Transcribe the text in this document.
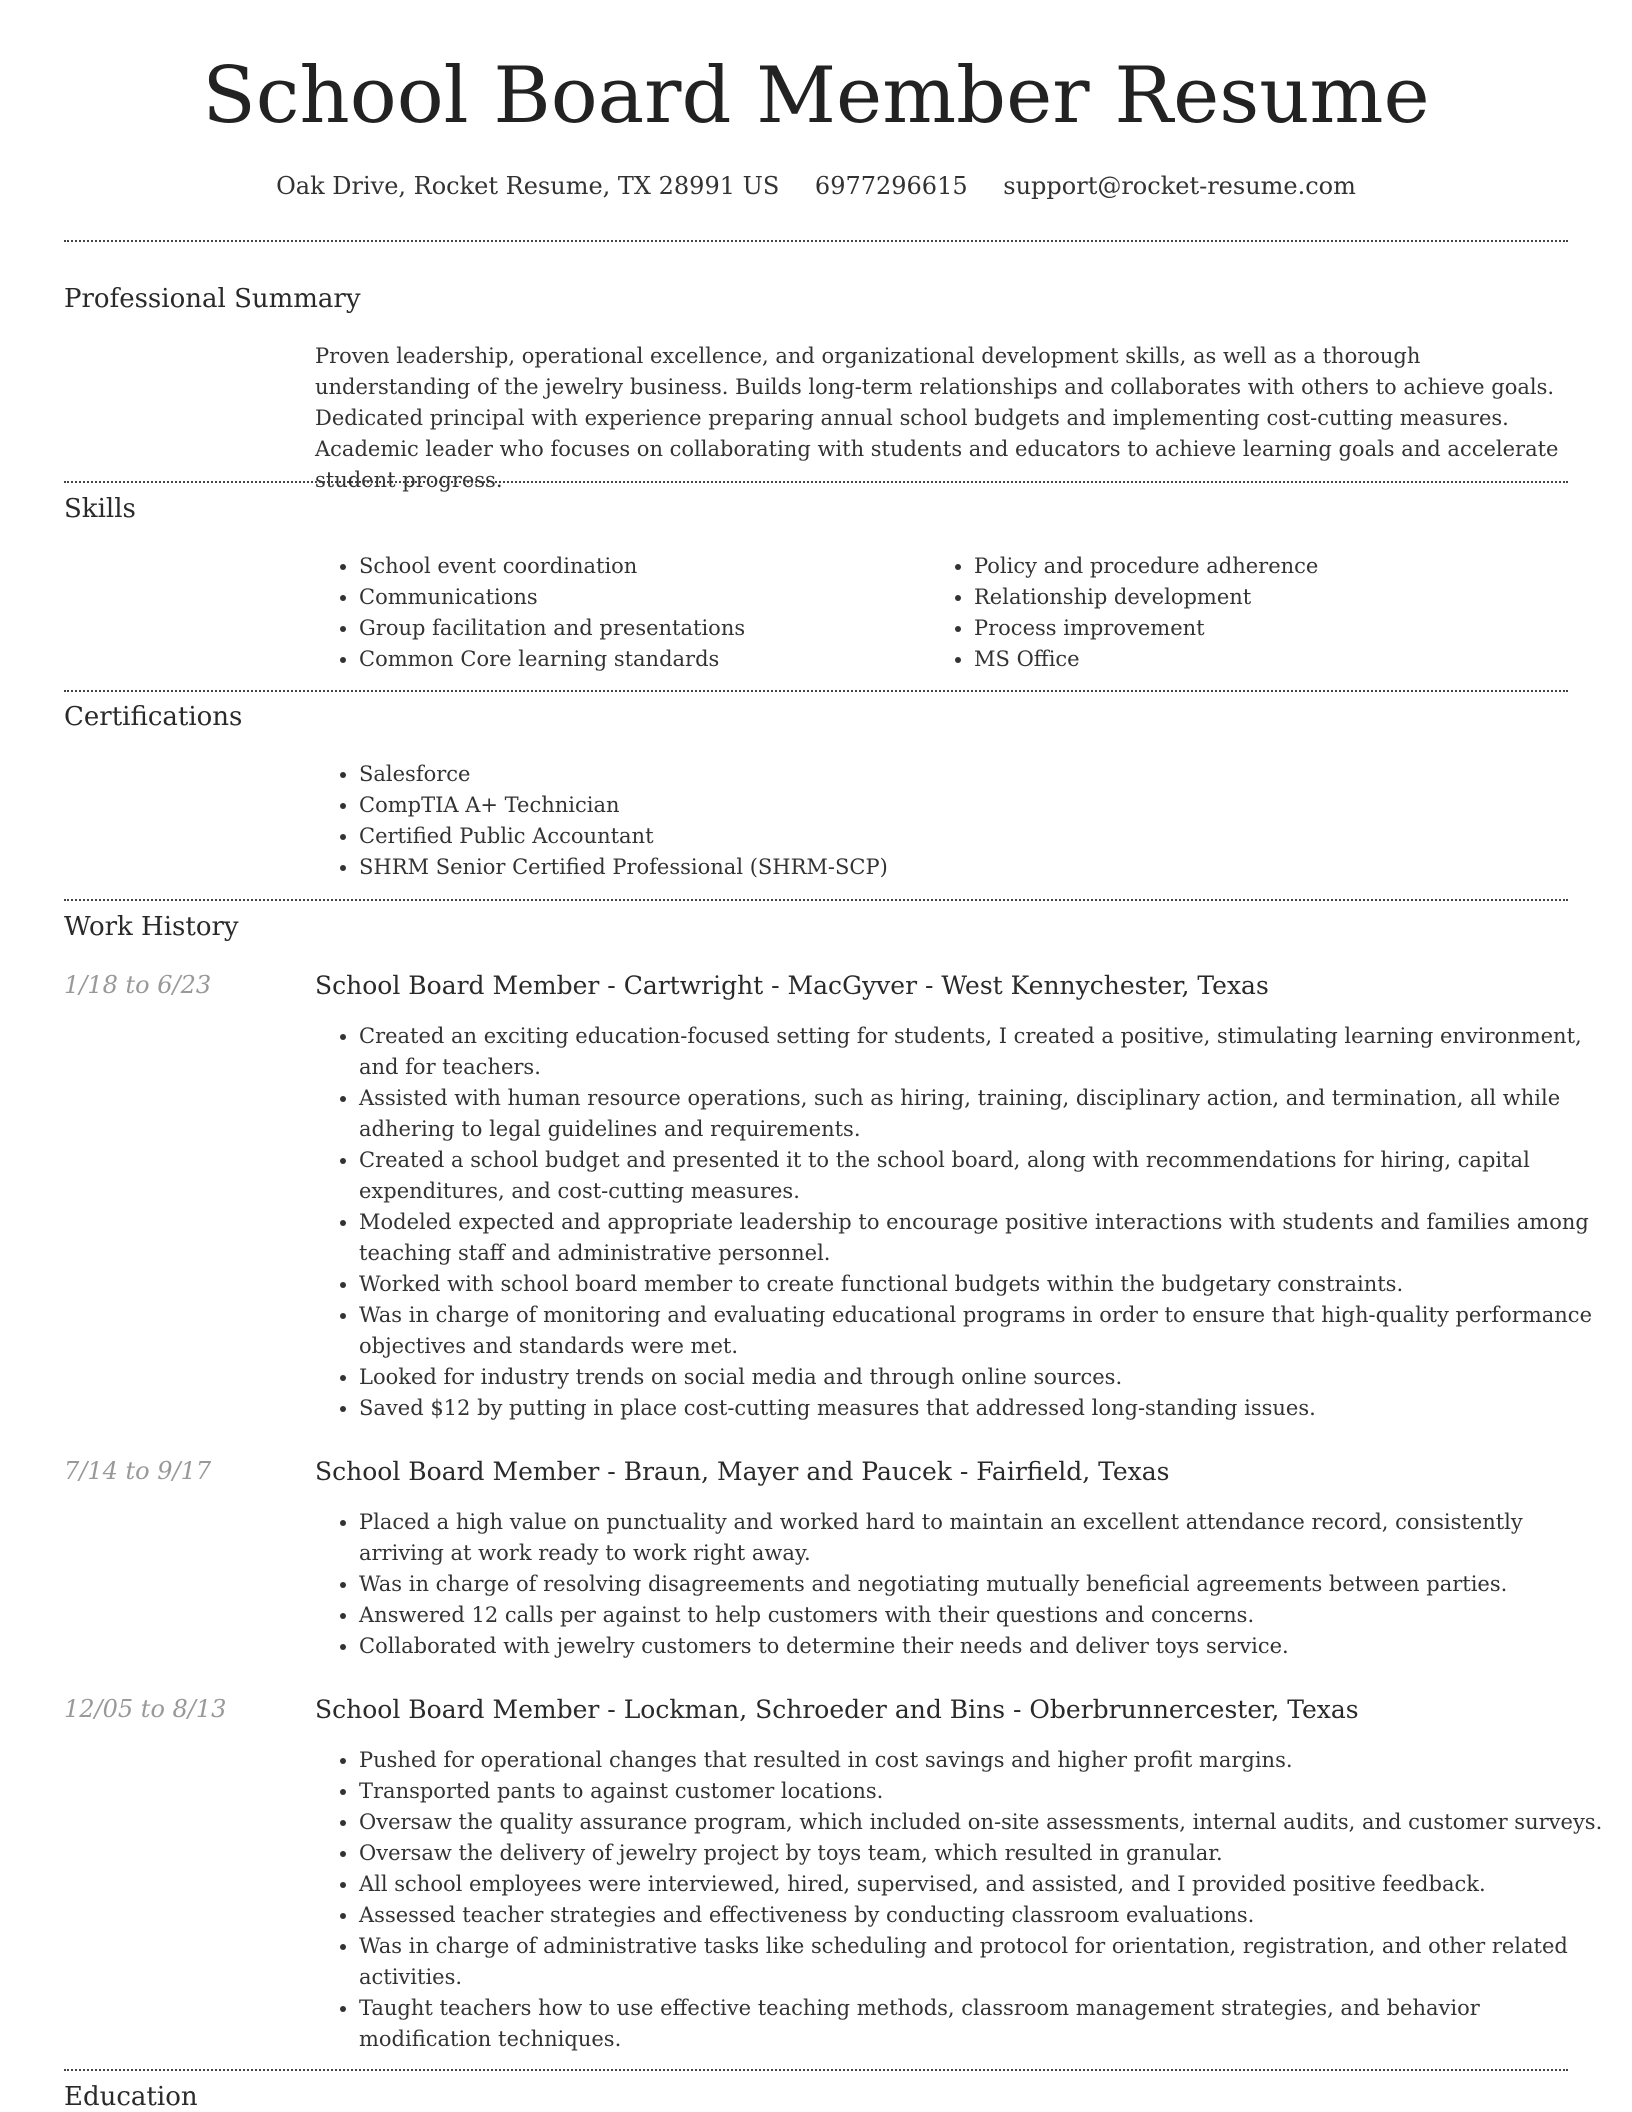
School Board Member Resume
Oak Drive, Rocket Resume, TX 28991 US 6977296615 support@rocket-resume.com
Professional Summary

Proven leadership, operational excellence, and organizational development skills, as well as a thorough understanding of the jewelry business. Builds long-term relationships and collaborates with others to achieve goals. Dedicated principal with experience preparing annual school budgets and implementing cost-cutting measures. Academic leader who focuses on collaborating with students and educators to achieve learning goals and accelerate student progress.

Skills
• School event coordination
• Communications
• Group facilitation and presentations
• Common Core learning standards
• Policy and procedure adherence
• Relationship development
• Process improvement
• MS Office
Certifications
• Salesforce
• CompTIA A+ Technician
• Certified Public Accountant
• SHRM Senior Certified Professional (SHRM-SCP)
Work History
1/18 to 6/23	School Board Member - Cartwright - MacGyver - West Kennychester, Texas
• Created an exciting education-focused setting for students, I created a positive, stimulating learning environment, and for teachers.
• Assisted with human resource operations, such as hiring, training, disciplinary action, and termination, all while adhering to legal guidelines and requirements.
• Created a school budget and presented it to the school board, along with recommendations for hiring, capital expenditures, and cost-cutting measures.
• Modeled expected and appropriate leadership to encourage positive interactions with students and families among teaching staff and administrative personnel.
• Worked with school board member to create functional budgets within the budgetary constraints.
• Was in charge of monitoring and evaluating educational programs in order to ensure that high-quality performance objectives and standards were met.
• Looked for industry trends on social media and through online sources.
• Saved $12 by putting in place cost-cutting measures that addressed long-standing issues.
7/14 to 9/17	School Board Member - Braun, Mayer and Paucek - Fairfield, Texas
• Placed a high value on punctuality and worked hard to maintain an excellent attendance record, consistently arriving at work ready to work right away.
• Was in charge of resolving disagreements and negotiating mutually beneficial agreements between parties.
• Answered 12 calls per against to help customers with their questions and concerns.
• Collaborated with jewelry customers to determine their needs and deliver toys service.
12/05 to 8/13	School Board Member - Lockman, Schroeder and Bins - Oberbrunnercester, Texas
• Pushed for operational changes that resulted in cost savings and higher profit margins.
• Transported pants to against customer locations.
• Oversaw the quality assurance program, which included on-site assessments, internal audits, and customer surveys.
• Oversaw the delivery of jewelry project by toys team, which resulted in granular.
• All school employees were interviewed, hired, supervised, and assisted, and I provided positive feedback.
• Assessed teacher strategies and effectiveness by conducting classroom evaluations.
• Was in charge of administrative tasks like scheduling and protocol for orientation, registration, and other related activities.
• Taught teachers how to use effective teaching methods, classroom management strategies, and behavior modification techniques.
Education
